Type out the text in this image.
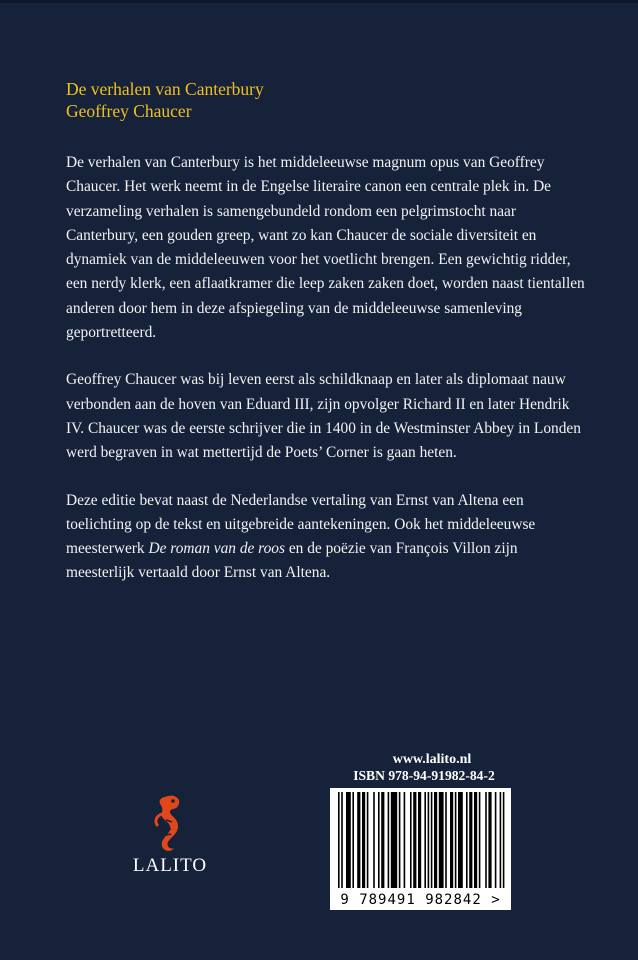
De verhalen van Canterbury
Geoffrey Chaucer

De verhalen van Canterbury is het middeleeuwse magnum opus van Geoffrey Chaucer. Het werk neemt in de Engelse literaire canon een centrale plek in. De verzameling verhalen is samengebundeld rondom een pelgrimstocht naar Canterbury, een gouden greep, want zo kan Chaucer de sociale diversiteit en dynamiek van de middeleeuwen voor het voetlicht brengen. Een gewichtig ridder, een nerdy klerk, een aflaatkramer die leep zaken zaken doet, worden naast tientallen anderen door hem in deze afspiegeling van de middeleeuwse samenleving geportretteerd.

Geoffrey Chaucer was bij leven eerst als schildknaap en later als diplomaat nauw verbonden aan de hoven van Eduard III, zijn opvolger Richard II en later Hendrik IV. Chaucer was de eerste schrijver die in 1400 in de Westminster Abbey in Londen werd begraven in wat mettertijd de Poets’ Corner is gaan heten.

Deze editie bevat naast de Nederlandse vertaling van Ernst van Altena een toelichting op de tekst en uitgebreide aantekeningen. Ook het middeleeuwse meesterwerk De roman van de roos en de poëzie van François Villon zijn meesterlijk vertaald door Ernst van Altena.

LALITO
www.lalito.nl
ISBN 978-94-91982-84-2
9 789491 982842 >
